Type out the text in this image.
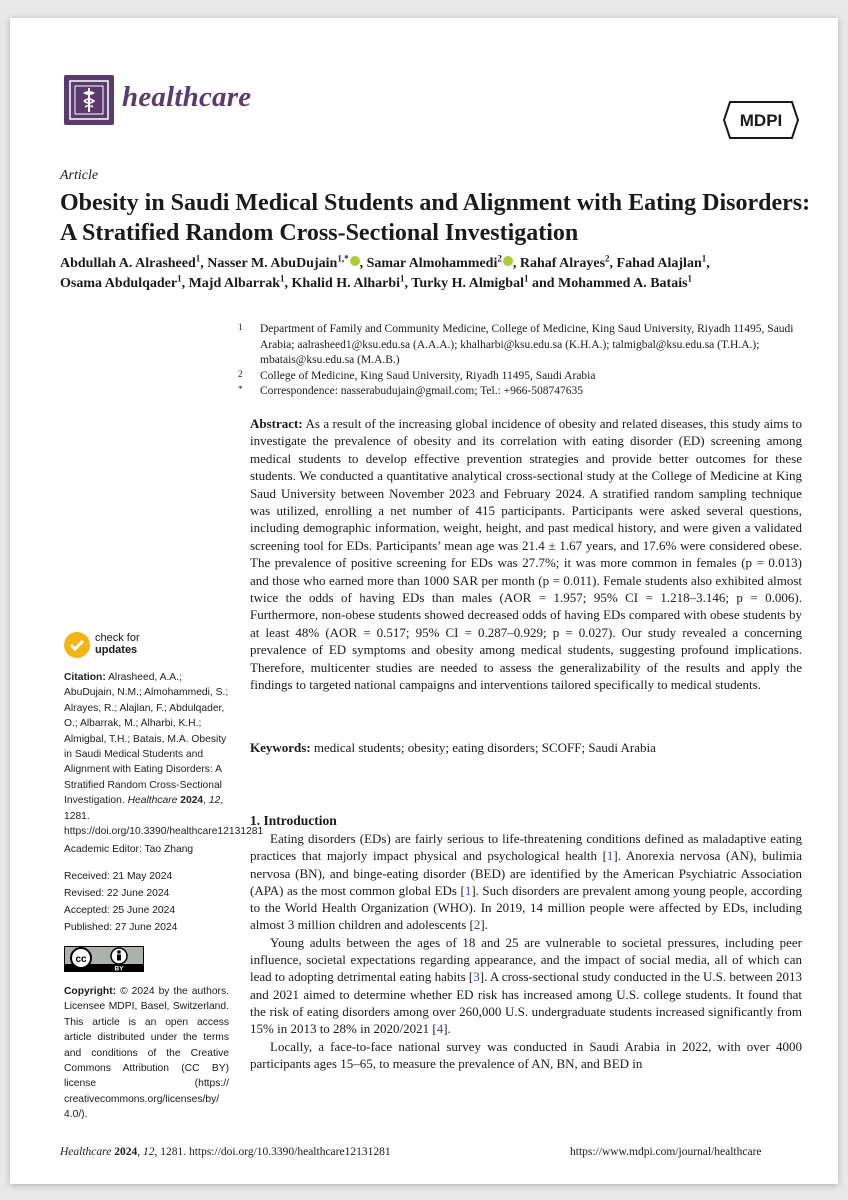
healthcare
MDPI
Article
Obesity in Saudi Medical Students and Alignment with Eating Disorders: A Stratified Random Cross-Sectional Investigation
Abdullah A. Alrasheed$^1$, Nasser M. AbuDujain$^{1,*}$ , Samar Almohammedi$^2$ , Rahaf Alrayes$^2$, Fahad Alajlan$^1$,
Osama Abdulqader$^1$, Majd Albarrak$^1$, Khalid H. Alharbi$^1$, Turky H. Almigbal$^1$ and Mohammed A. Batais$^1$
1 Department of Family and Community Medicine, College of Medicine, King Saud University, Riyadh 11495, Saudi Arabia; aalrasheed1@ksu.edu.sa (A.A.A.); khalharbi@ksu.edu.sa (K.H.A.); talmigbal@ksu.edu.sa (T.H.A.); mbatais@ksu.edu.sa (M.A.B.)
2 College of Medicine, King Saud University, Riyadh 11495, Saudi Arabia
* Correspondence: nasserabudujain@gmail.com; Tel.: +966-508747635
Abstract: As a result of the increasing global incidence of obesity and related diseases, this study aims to investigate the prevalence of obesity and its correlation with eating disorder (ED) screening among medical students to develop effective prevention strategies and provide better outcomes for these students. We conducted a quantitative analytical cross-sectional study at the College of Medicine at King Saud University between November 2023 and February 2024. A stratified random sampling technique was utilized, enrolling a net number of 415 participants. Participants were asked several questions, including demographic information, weight, height, and past medical history, and were given a validated screening tool for EDs. Participants’ mean age was 21.4 ± 1.67 years, and 17.6% were considered obese. The prevalence of positive screening for EDs was 27.7%; it was more common in females (p = 0.013) and those who earned more than 1000 SAR per month (p = 0.011). Female students also exhibited almost twice the odds of having EDs than males (AOR = 1.957; 95% CI = 1.218–3.146; p = 0.006). Furthermore, non-obese students showed decreased odds of having EDs compared with obese students by at least 48% (AOR = 0.517; 95% CI = 0.287–0.929; p = 0.027). Our study revealed a concerning prevalence of ED symptoms and obesity among medical students, suggesting profound implications. Therefore, multicenter studies are needed to assess the generalizability of the results and apply the findings to targeted national campaigns and interventions tailored specifically to medical students.
Keywords: medical students; obesity; eating disorders; SCOFF; Saudi Arabia
check for
updates
Citation: Alrasheed, A.A.; AbuDujain, N.M.; Almohammedi, S.; Alrayes, R.; Alajlan, F.; Abdulqader, O.; Albarrak, M.; Alharbi, K.H.; Almigbal, T.H.; Batais, M.A. Obesity in Saudi Medical Students and Alignment with Eating Disorders: A Stratified Random Cross-Sectional Investigation. Healthcare 2024, 12, 1281. https://doi.org/10.3390/healthcare12131281
Academic Editor: Tao Zhang
Received: 21 May 2024
Revised: 22 June 2024
Accepted: 25 June 2024
Published: 27 June 2024
cc
BY
Copyright: © 2024 by the authors. Licensee MDPI, Basel, Switzerland. This article is an open access article distributed under the terms and conditions of the Creative Commons Attribution (CC BY) license (https:// creativecommons.org/licenses/by/ 4.0/).
1. Introduction

Eating disorders (EDs) are fairly serious to life-threatening conditions defined as maladaptive eating practices that majorly impact physical and psychological health [1]. Anorexia nervosa (AN), bulimia nervosa (BN), and binge-eating disorder (BED) are identified by the American Psychiatric Association (APA) as the most common global EDs [1]. Such disorders are prevalent among young people, according to the World Health Organization (WHO). In 2019, 14 million people were affected by EDs, including almost 3 million children and adolescents [2].

Young adults between the ages of 18 and 25 are vulnerable to societal pressures, including peer influence, societal expectations regarding appearance, and the impact of social media, all of which can lead to adopting detrimental eating habits [3]. A cross-sectional study conducted in the U.S. between 2013 and 2021 aimed to determine whether ED risk has increased among U.S. college students. It found that the risk of eating disorders among over 260,000 U.S. undergraduate students increased significantly from 15% in 2013 to 28% in 2020/2021 [4].

Locally, a face-to-face national survey was conducted in Saudi Arabia in 2022, with over 4000 participants ages 15–65, to measure the prevalence of AN, BN, and BED in

Healthcare 2024, 12, 1281. https://doi.org/10.3390/healthcare12131281	https://www.mdpi.com/journal/healthcare
